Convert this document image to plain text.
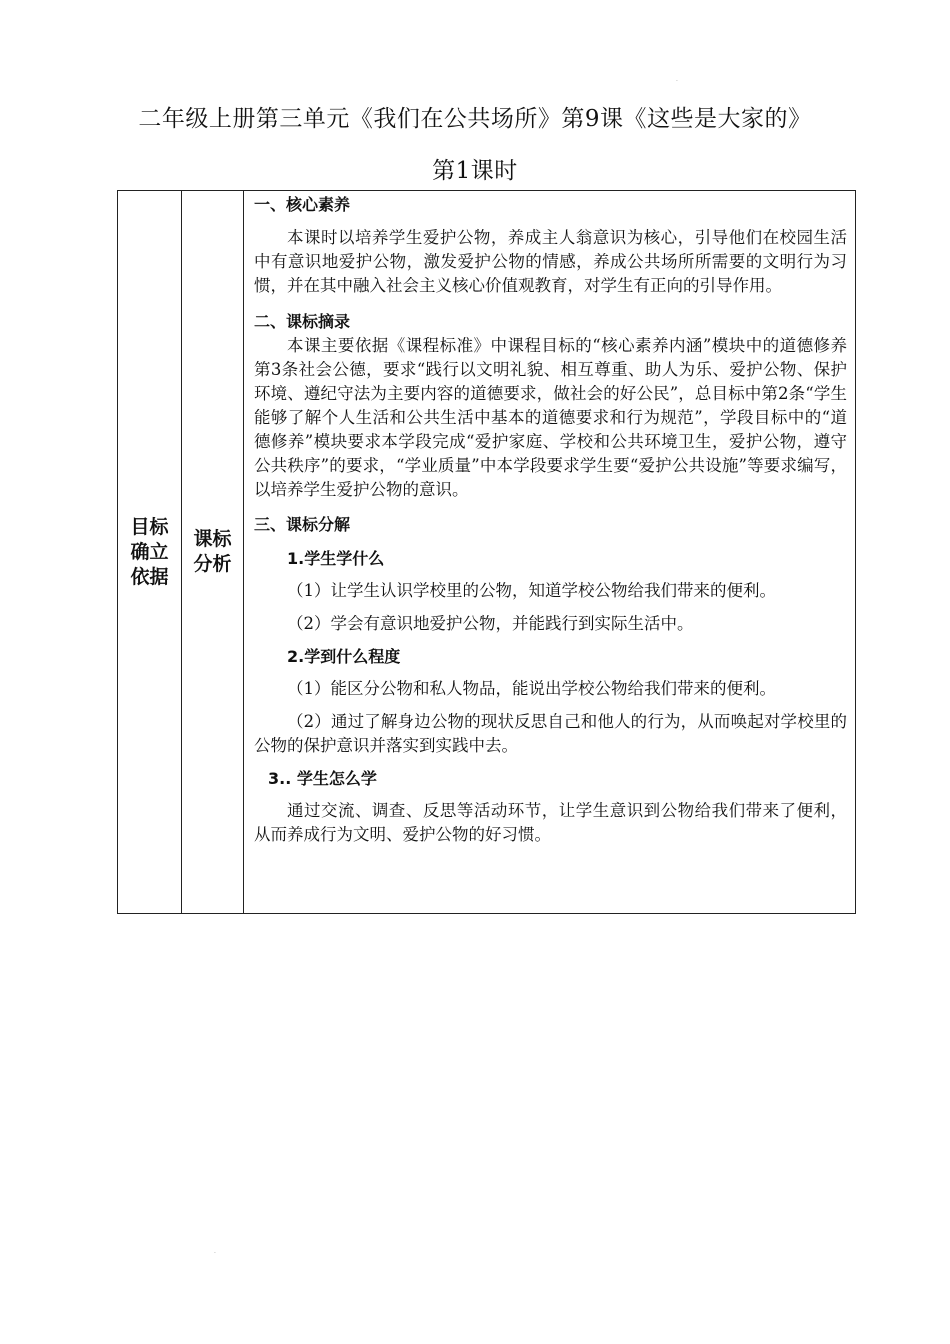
二年级上册第三单元《我们在公共场所》第9课《这些是大家的》
第1课时
目标确立依据
课标分析

一、核心素养

本课时以培养学生爱护公物，养成主人翁意识为核心，引导他们在校园生活中有意识地爱护公物，激发爱护公物的情感，养成公共场所所需要的文明行为习惯，并在其中融入社会主义核心价值观教育，对学生有正向的引导作用。

二、课标摘录

本课主要依据《课程标准》中课程目标的“核心素养内涵”模块中的道德修养第3条社会公德，要求“践行以文明礼貌、相互尊重、助人为乐、爱护公物、保护环境、遵纪守法为主要内容的道德要求，做社会的好公民”，总目标中第2条“学生能够了解个人生活和公共生活中基本的道德要求和行为规范”，学段目标中的“道德修养”模块要求本学段完成“爱护家庭、学校和公共环境卫生，爱护公物，遵守公共秩序”的要求，“学业质量”中本学段要求学生要“爱护公共设施”等要求编写，以培养学生爱护公物的意识。

三、课标分解

1.学生学什么

（1）让学生认识学校里的公物，知道学校公物给我们带来的便利。

（2）学会有意识地爱护公物，并能践行到实际生活中。

2.学到什么程度

（1）能区分公物和私人物品，能说出学校公物给我们带来的便利。

（2）通过了解身边公物的现状反思自己和他人的行为，从而唤起对学校里的公物的保护意识并落实到实践中去。

3.. 学生怎么学

通过交流、调查、反思等活动环节，让学生意识到公物给我们带来了便利，从而养成行为文明、爱护公物的好习惯。

·
·
